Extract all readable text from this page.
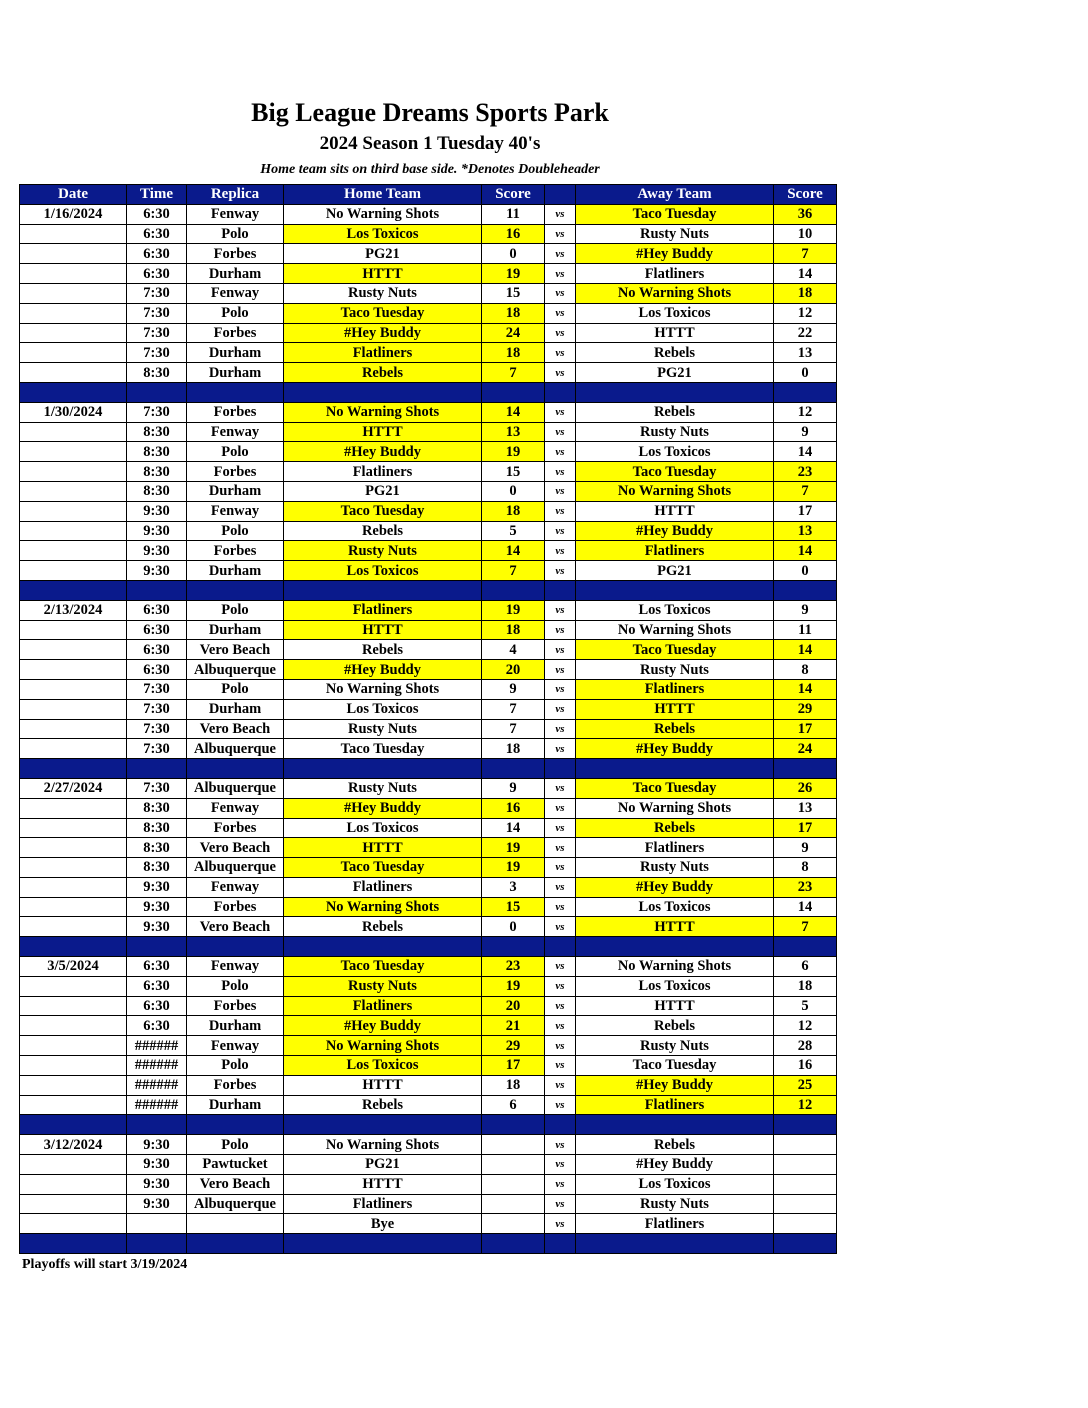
Big League Dreams Sports Park
2024 Season 1 Tuesday 40's
Home team sits on third base side. *Denotes Doubleheader
Date	Time	Replica	Home Team	Score		Away Team	Score
1/16/2024	6:30	Fenway	No Warning Shots	11	vs	Taco Tuesday	36
	6:30	Polo	Los Toxicos	16	vs	Rusty Nuts	10
	6:30	Forbes	PG21	0	vs	#Hey Buddy	7
	6:30	Durham	HTTT	19	vs	Flatliners	14
	7:30	Fenway	Rusty Nuts	15	vs	No Warning Shots	18
	7:30	Polo	Taco Tuesday	18	vs	Los Toxicos	12
	7:30	Forbes	#Hey Buddy	24	vs	HTTT	22
	7:30	Durham	Flatliners	18	vs	Rebels	13
	8:30	Durham	Rebels	7	vs	PG21	0

1/30/2024	7:30	Forbes	No Warning Shots	14	vs	Rebels	12
	8:30	Fenway	HTTT	13	vs	Rusty Nuts	9
	8:30	Polo	#Hey Buddy	19	vs	Los Toxicos	14
	8:30	Forbes	Flatliners	15	vs	Taco Tuesday	23
	8:30	Durham	PG21	0	vs	No Warning Shots	7
	9:30	Fenway	Taco Tuesday	18	vs	HTTT	17
	9:30	Polo	Rebels	5	vs	#Hey Buddy	13
	9:30	Forbes	Rusty Nuts	14	vs	Flatliners	14
	9:30	Durham	Los Toxicos	7	vs	PG21	0

2/13/2024	6:30	Polo	Flatliners	19	vs	Los Toxicos	9
	6:30	Durham	HTTT	18	vs	No Warning Shots	11
	6:30	Vero Beach	Rebels	4	vs	Taco Tuesday	14
	6:30	Albuquerque	#Hey Buddy	20	vs	Rusty Nuts	8
	7:30	Polo	No Warning Shots	9	vs	Flatliners	14
	7:30	Durham	Los Toxicos	7	vs	HTTT	29
	7:30	Vero Beach	Rusty Nuts	7	vs	Rebels	17
	7:30	Albuquerque	Taco Tuesday	18	vs	#Hey Buddy	24

2/27/2024	7:30	Albuquerque	Rusty Nuts	9	vs	Taco Tuesday	26
	8:30	Fenway	#Hey Buddy	16	vs	No Warning Shots	13
	8:30	Forbes	Los Toxicos	14	vs	Rebels	17
	8:30	Vero Beach	HTTT	19	vs	Flatliners	9
	8:30	Albuquerque	Taco Tuesday	19	vs	Rusty Nuts	8
	9:30	Fenway	Flatliners	3	vs	#Hey Buddy	23
	9:30	Forbes	No Warning Shots	15	vs	Los Toxicos	14
	9:30	Vero Beach	Rebels	0	vs	HTTT	7

3/5/2024	6:30	Fenway	Taco Tuesday	23	vs	No Warning Shots	6
	6:30	Polo	Rusty Nuts	19	vs	Los Toxicos	18
	6:30	Forbes	Flatliners	20	vs	HTTT	5
	6:30	Durham	#Hey Buddy	21	vs	Rebels	12
	######	Fenway	No Warning Shots	29	vs	Rusty Nuts	28
	######	Polo	Los Toxicos	17	vs	Taco Tuesday	16
	######	Forbes	HTTT	18	vs	#Hey Buddy	25
	######	Durham	Rebels	6	vs	Flatliners	12

3/12/2024	9:30	Polo	No Warning Shots		vs	Rebels	
	9:30	Pawtucket	PG21		vs	#Hey Buddy	
	9:30	Vero Beach	HTTT		vs	Los Toxicos	
	9:30	Albuquerque	Flatliners		vs	Rusty Nuts	
			Bye		vs	Flatliners	

Playoffs will start 3/19/2024
